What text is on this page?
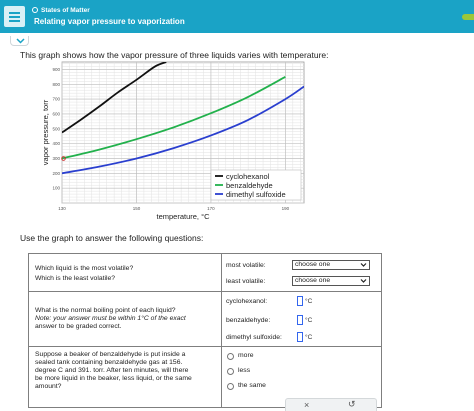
States of Matter
Relating vapor pressure to vaporization
This graph shows how the vapor pressure of three liquids varies with temperature:
130	150	170	190
100
200
300
400
500
600
700
800
900
temperature, °C
vapor pressure, torr
cyclohexanol
benzaldehyde
dimethyl sulfoxide
Use the graph to answer the following questions:
Which liquid is the most volatile?
Which is the least volatile?
most volatile:	choose one
least volatile:	choose one
What is the normal boiling point of each liquid?
Note: your answer must be within 1°C of the exact
answer to be graded correct.
cyclohexanol:	°C
benzaldehyde:	°C
dimethyl sulfoxide:	°C
Suppose a beaker of benzaldehyde is put inside a
sealed tank containing benzaldehyde gas at 156.
degree C and 391. torr. After ten minutes, will there
be more liquid in the beaker, less liquid, or the same
amount?
more
less
the same
×	↺
